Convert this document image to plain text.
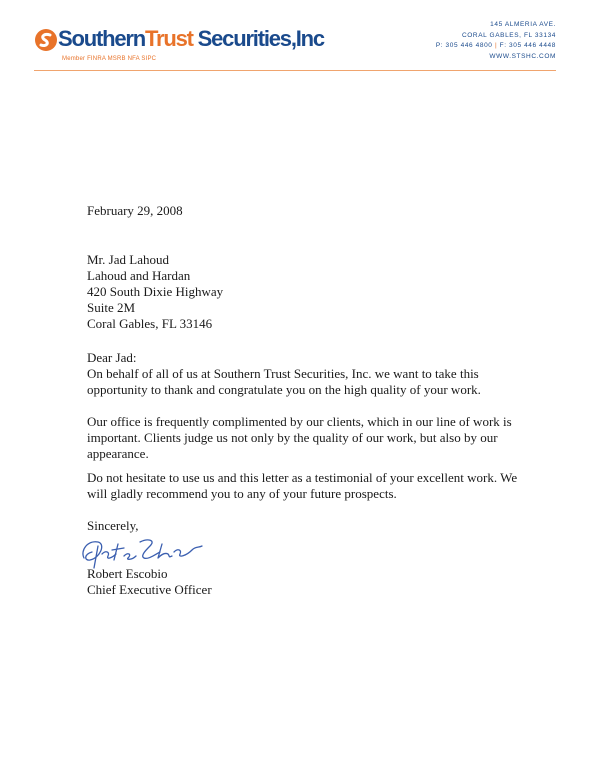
SouthernTrust Securities,Inc
Member FINRA MSRB NFA SIPC
145 ALMERIA AVE.
CORAL GABLES, FL 33134
P: 305 446 4800 | F: 305 446 4448
WWW.STSHC.COM
February 29, 2008
Mr. Jad Lahoud
Lahoud and Hardan
420 South Dixie Highway
Suite 2M
Coral Gables, FL 33146
Dear Jad:
On behalf of all of us at Southern Trust Securities, Inc. we want to take this opportunity to thank and congratulate you on the high quality of your work.
Our office is frequently complimented by our clients, which in our line of work is important. Clients judge us not only by the quality of our work, but also by our appearance.
Do not hesitate to use us and this letter as a testimonial of your excellent work. We will gladly recommend you to any of your future prospects.
Sincerely,
Robert Escobio
Chief Executive Officer
